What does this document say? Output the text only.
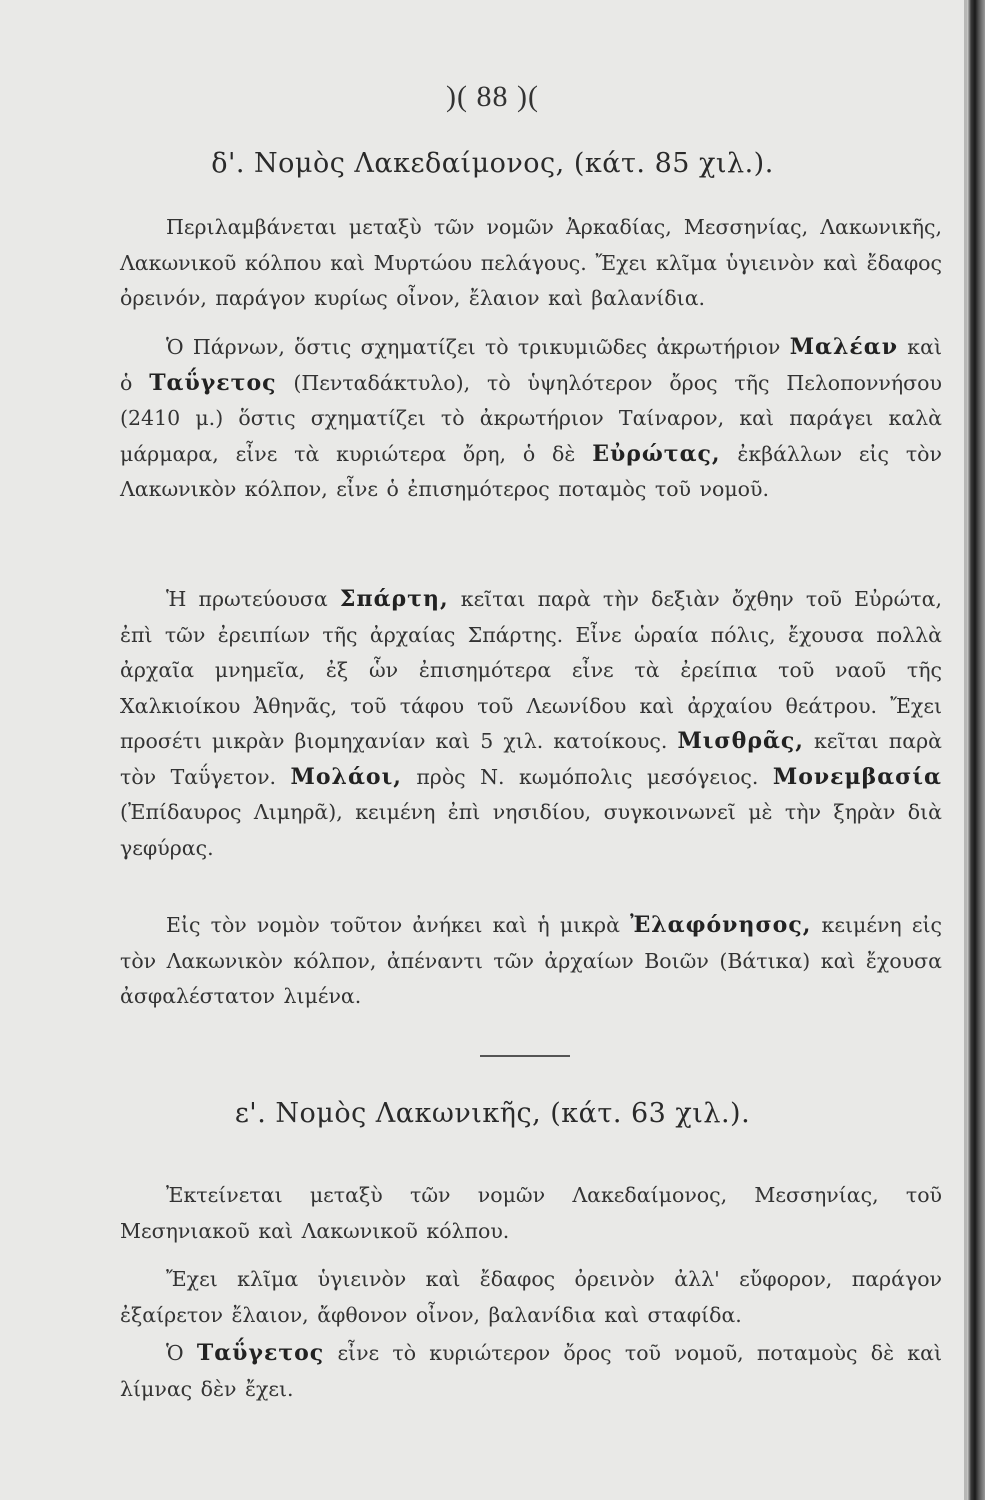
)( 88 )(
δ'. Νομὸς Λακεδαίμονος, (κάτ. 85 χιλ.).
Περιλαμβάνεται μεταξὺ τῶν νομῶν Ἀρκαδίας, Μεσσηνίας, Λακωνικῆς, Λακωνικοῦ κόλπου καὶ Μυρτώου πελάγους. Ἔχει κλῖμα ὑγιεινὸν καὶ ἔδαφος ὀρεινόν, παράγον κυρίως οἶνον, ἔλαιον καὶ βαλανίδια.
Ὁ Πάρνων, ὅστις σχηματίζει τὸ τρικυμιῶδες ἀκρωτήριον Μαλέαν καὶ ὁ Ταΰγετος (Πενταδάκτυλο), τὸ ὑψηλότερον ὄρος τῆς Πελοποννήσου (2410 μ.) ὅστις σχηματίζει τὸ ἀκρωτήριον Ταίναρον, καὶ παράγει καλὰ μάρμαρα, εἶνε τὰ κυριώτερα ὄρη, ὁ δὲ Εὐρώτας, ἐκβάλλων εἰς τὸν Λακωνικὸν κόλπον, εἶνε ὁ ἐπισημότερος ποταμὸς τοῦ νομοῦ.
Ἡ πρωτεύουσα Σπάρτη, κεῖται παρὰ τὴν δεξιὰν ὄχθην τοῦ Εὐρώτα, ἐπὶ τῶν ἐρειπίων τῆς ἀρχαίας Σπάρτης. Εἶνε ὡραία πόλις, ἔχουσα πολλὰ ἀρχαῖα μνημεῖα, ἐξ ὧν ἐπισημότερα εἶνε τὰ ἐρείπια τοῦ ναοῦ τῆς Χαλκιοίκου Ἀθηνᾶς, τοῦ τάφου τοῦ Λεωνίδου καὶ ἀρχαίου θεάτρου. Ἔχει προσέτι μικρὰν βιομηχανίαν καὶ 5 χιλ. κατοίκους. Μισθρᾶς, κεῖται παρὰ τὸν Ταΰγετον. Μολάοι, πρὸς Ν. κωμόπολις μεσόγειος. Μονεμβασία (Ἐπίδαυρος Λιμηρᾶ), κειμένη ἐπὶ νησιδίου, συγκοινωνεῖ μὲ τὴν ξηρὰν διὰ γεφύρας.
Εἰς τὸν νομὸν τοῦτον ἀνήκει καὶ ἡ μικρὰ Ἐλαφόνησος, κειμένη εἰς τὸν Λακωνικὸν κόλπον, ἀπέναντι τῶν ἀρχαίων Βοιῶν (Βάτικα) καὶ ἔχουσα ἀσφαλέστατον λιμένα.
ε'. Νομὸς Λακωνικῆς, (κάτ. 63 χιλ.).
Ἐκτείνεται μεταξὺ τῶν νομῶν Λακεδαίμονος, Μεσσηνίας, τοῦ Μεσηνιακοῦ καὶ Λακωνικοῦ κόλπου.
Ἔχει κλῖμα ὑγιεινὸν καὶ ἔδαφος ὀρεινὸν ἀλλ' εὔφορον, παράγον ἐξαίρετον ἔλαιον, ἄφθονον οἶνον, βαλανίδια καὶ σταφίδα.
Ὁ Ταΰγετος εἶνε τὸ κυριώτερον ὄρος τοῦ νομοῦ, ποταμοὺς δὲ καὶ λίμνας δὲν ἔχει.
